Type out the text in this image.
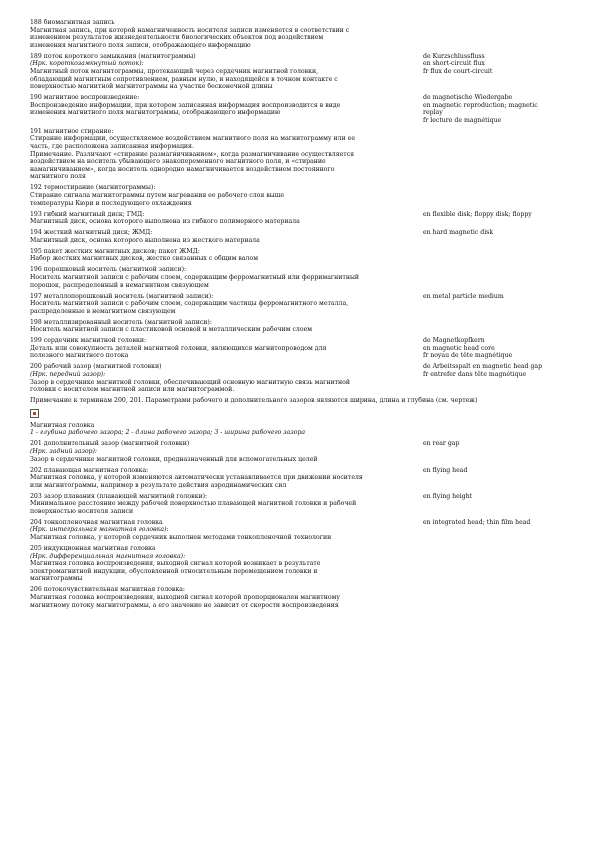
188 биомагнитная запись
Магнитная запись, при которой намагниченность носителя записи изменяется в соответствии с
изменением результатов жизнедеятельности биологических объектов под воздействием
изменения магнитного поля записи, отображающего информацию
189 поток короткого замыкания (магнитограммы)
(Нрк. короткозамкнутый поток):
Магнитный поток магнитограммы, протекающий через сердечник магнитной головки,
обладающий магнитным сопротивлением, равным нулю, и находящейся в точном контакте с
поверхностью магнитной магнитограммы на участке бесконечной длины
de Kurzschlussfluss
en short-circuit flux
fr flux de court-circuit
190 магнитное воспроизведение:
Воспроизведение информации, при котором записанная информация воспроизводится в виде
изменения магнитного поля магнитограммы, отображающего информацию
de magnetische Wiedergabe
en magnetic reproduction; magnetic
replay
fr lecture de magnétique
191 магнитное стирание:
Стирание информации, осуществляемое воздействием магнитного поля на магнитограмму или ее
часть, где расположена записанная информация.
Примечание. Различают «стирание размагничиванием», когда размагничивание осуществляется
воздействием на носитель убывающего знакопеременного магнитного поля, и «стирание
намагничиванием», когда носитель однородно намагничивается воздействием постоянного
магнитного поля
192 термостирание (магнитограммы):
Стирание сигнала магнитограммы путем нагревания ее рабочего слоя выше
температуры Кюри и последующего охлаждения
193 гибкий магнитный диск; ГМД:
Магнитный диск, основа которого выполнена из гибкого полимерного материала
en flexible disk; floppy disk; floppy
194 жесткий магнитный диск; ЖМД:
Магнитный диск, основа которого выполнена из жесткого материала
en hard magnetic disk
195 пакет жестких магнитных дисков; пакет ЖМД:
Набор жестких магнитных дисков, жестко связанных с общим валом
196 порошковый носитель (магнитной записи):
Носитель магнитной записи с рабочим слоем, содержащим ферромагнитный или ферримагнитный
порошок, распределенный в немагнитном связующем
197 металлопорошковый носитель (магнитной записи):
Носитель магнитной записи с рабочим слоем, содержащим частицы ферромагнитного металла,
распределенные в немагнитном связующем
en metal particle medium
198 металлизированный носитель (магнитной записи):
Носитель магнитной записи с пластиковой основой и металлическим рабочим слоем
199 сердечник магнитной головки:
Деталь или совокупность деталей магнитной головки, являющихся магнитопроводом для
полезного магнитного потока
de Magnetkopfkern
en magnetic head core
fr noyau de tête magnétique
200 рабочий зазор (магнитной головки)
(Нрк. передний зазор):
Зазор в сердечнике магнитной головки, обеспечивающий основную магнитную связь магнитной
головки с носителем магнитной записи или магнитограммой.
de Arbeitsspalt en magnetic head gap
fr entrefer dans tête magnétique
Примечание к терминам 200, 201. Параметрами рабочего и дополнительного зазоров являются ширина, длина и глубина (см. чертеж)
Магнитная головка
1 - глубина рабочего зазора; 2 - длина рабочего зазора; 3 - ширина рабочего зазора
201 дополнительный зазор (магнитной головки)
(Нрк. задний зазор):
Зазор в сердечнике магнитной головки, предназначенный для вспомогательных целей
en rear gap
202 плавающая магнитная головка:
Магнитная головка, у которой изменяются автоматически устанавливается при движении носителя
или магнитограммы, например в результате действия аэродинамических сил
en flying head
203 зазор плавания (плавающей магнитной головки):
Минимальное расстояние между рабочей поверхностью плавающей магнитной головки и рабочей
поверхностью носителя записи
en flying height
204 тонкопленочная магнитная головка
(Нрк. интегральная магнитная головка):
Магнитная головка, у которой сердечник выполнен методами тонкопленочной технологии
en integrated head; thin film head
205 индукционная магнитная головка
(Нрк. дифференциальная магнитная головка):
Магнитная головка воспроизведения, выходной сигнал которой возникает в результате
электромагнитной индукции, обусловленной относительным перемещением головки и
магнитограммы
206 потокочувствительная магнитная головка:
Магнитная головка воспроизведения, выходной сигнал которой пропорционален магнитному
магнитному потоку магнитограммы, а его значение не зависит от скорости воспроизведения
